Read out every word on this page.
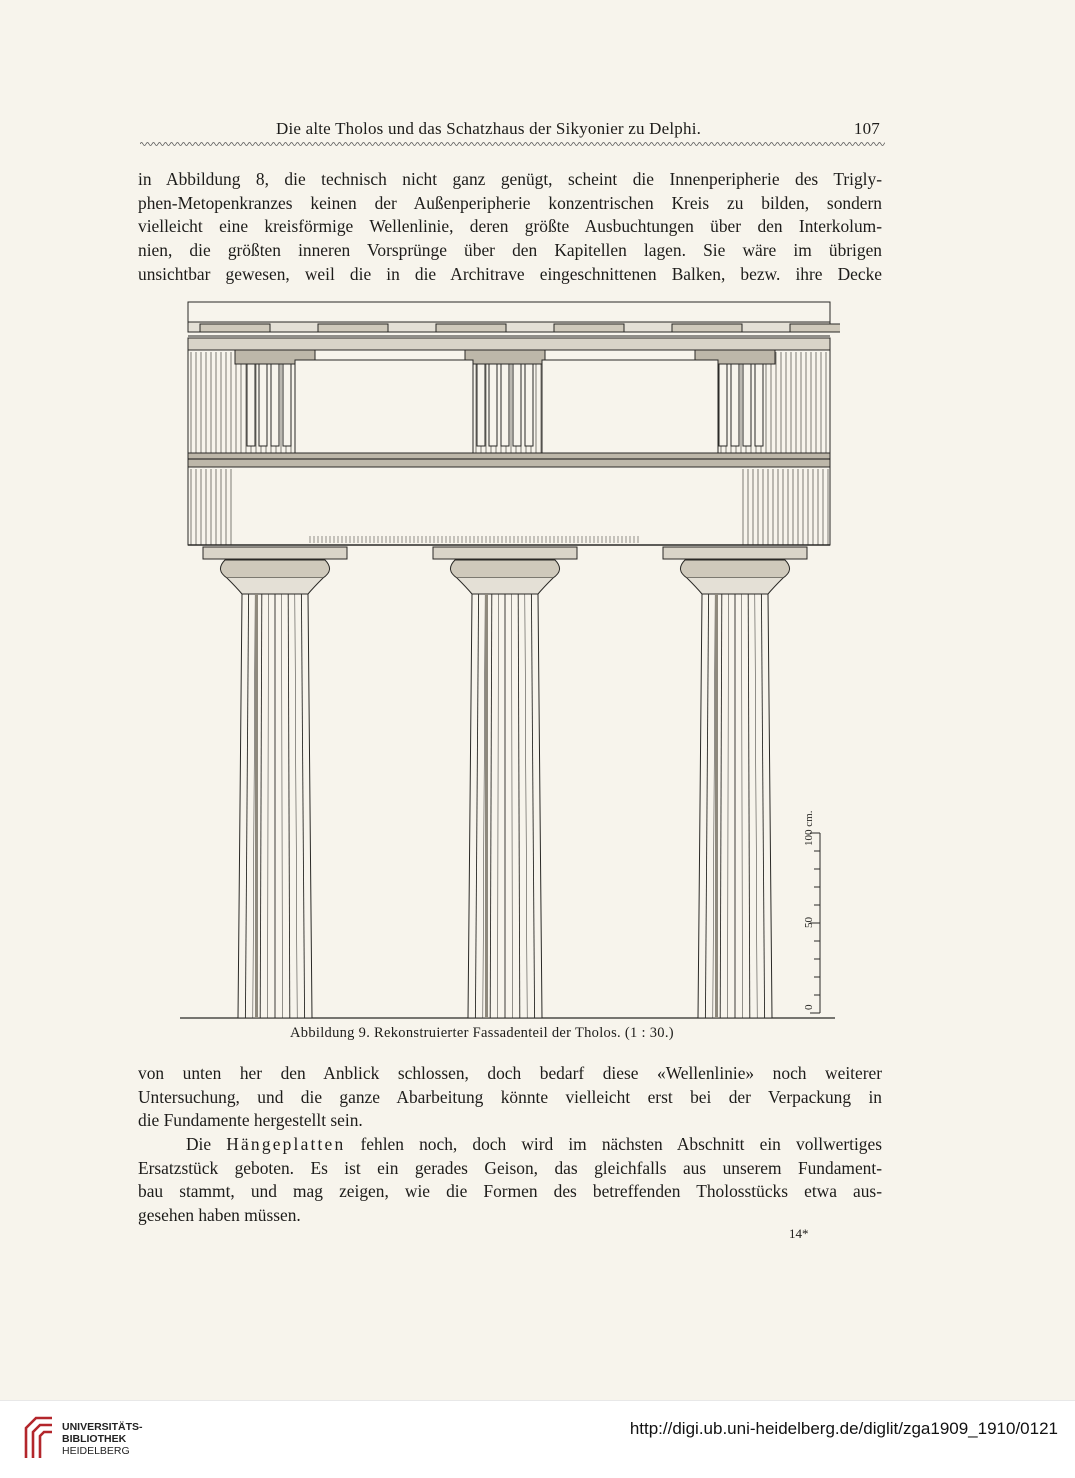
Die alte Tholos und das Schatzhaus der Sikyonier zu Delphi.	107
in Abbildung 8, die technisch nicht ganz genügt, scheint die Innenperipherie des Trigly-
phen-Metopenkranzes keinen der Außenperipherie konzentrischen Kreis zu bilden, sondern
vielleicht eine kreisförmige Wellenlinie, deren größte Ausbuchtungen über den Interkolum-
nien, die größten inneren Vorsprünge über den Kapitellen lagen. Sie wäre im übrigen
unsichtbar gewesen, weil die in die Architrave eingeschnittenen Balken, bezw. ihre Decke
100 cm.
50
0
Abbildung 9. Rekonstruierter Fassadenteil der Tholos. (1 : 30.)
von unten her den Anblick schlossen, doch bedarf diese «Wellenlinie» noch weiterer
Untersuchung, und die ganze Abarbeitung könnte vielleicht erst bei der Verpackung in
die Fundamente hergestellt sein.
Die Hängeplatten fehlen noch, doch wird im nächsten Abschnitt ein vollwertiges
Ersatzstück geboten. Es ist ein gerades Geison, das gleichfalls aus unserem Fundament-
bau stammt, und mag zeigen, wie die Formen des betreffenden Tholosstücks etwa aus-
gesehen haben müssen.
14*
UNIVERSITÄTS-
BIBLIOTHEK
HEIDELBERG
http://digi.ub.uni-heidelberg.de/diglit/zga1909_1910/0121
